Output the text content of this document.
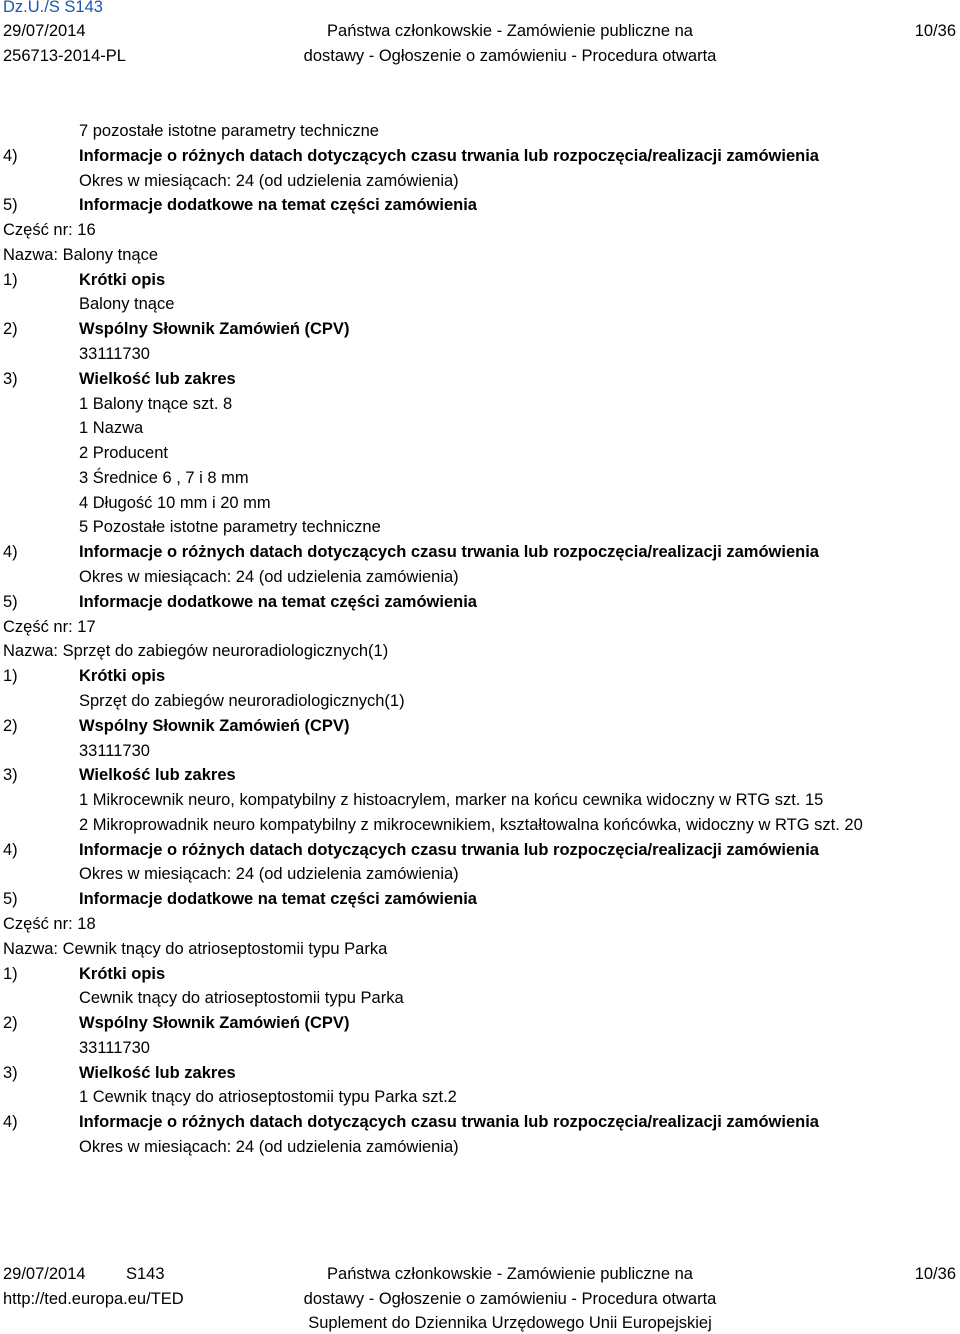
Dz.U./S S143
29/07/2014
256713-2014-PL
Państwa członkowskie - Zamówienie publiczne na
dostawy - Ogłoszenie o zamówieniu - Procedura otwarta
10/36
7 pozostałe istotne parametry techniczne
4)	Informacje o różnych datach dotyczących czasu trwania lub rozpoczęcia/realizacji zamówienia
Okres w miesiącach: 24 (od udzielenia zamówienia)
5)	Informacje dodatkowe na temat części zamówienia
Część nr: 16
Nazwa: Balony tnące
1)	Krótki opis
Balony tnące
2)	Wspólny Słownik Zamówień (CPV)
33111730
3)	Wielkość lub zakres
1 Balony tnące szt. 8
1 Nazwa
2 Producent
3 Średnice 6 , 7 i 8 mm
4 Długość 10 mm i 20 mm
5 Pozostałe istotne parametry techniczne
4)	Informacje o różnych datach dotyczących czasu trwania lub rozpoczęcia/realizacji zamówienia
Okres w miesiącach: 24 (od udzielenia zamówienia)
5)	Informacje dodatkowe na temat części zamówienia
Część nr: 17
Nazwa: Sprzęt do zabiegów neuroradiologicznych(1)
1)	Krótki opis
Sprzęt do zabiegów neuroradiologicznych(1)
2)	Wspólny Słownik Zamówień (CPV)
33111730
3)	Wielkość lub zakres
1 Mikrocewnik neuro, kompatybilny z histoacrylem, marker na końcu cewnika widoczny w RTG szt. 15
2 Mikroprowadnik neuro kompatybilny z mikrocewnikiem, kształtowalna końcówka, widoczny w RTG szt. 20
4)	Informacje o różnych datach dotyczących czasu trwania lub rozpoczęcia/realizacji zamówienia
Okres w miesiącach: 24 (od udzielenia zamówienia)
5)	Informacje dodatkowe na temat części zamówienia
Część nr: 18
Nazwa: Cewnik tnący do atrioseptostomii typu Parka
1)	Krótki opis
Cewnik tnący do atrioseptostomii typu Parka
2)	Wspólny Słownik Zamówień (CPV)
33111730
3)	Wielkość lub zakres
1 Cewnik tnący do atrioseptostomii typu Parka szt.2
4)	Informacje o różnych datach dotyczących czasu trwania lub rozpoczęcia/realizacji zamówienia
Okres w miesiącach: 24 (od udzielenia zamówienia)
29/07/2014 S143
http://ted.europa.eu/TED
Państwa członkowskie - Zamówienie publiczne na
dostawy - Ogłoszenie o zamówieniu - Procedura otwarta
Suplement do Dziennika Urzędowego Unii Europejskiej
10/36
